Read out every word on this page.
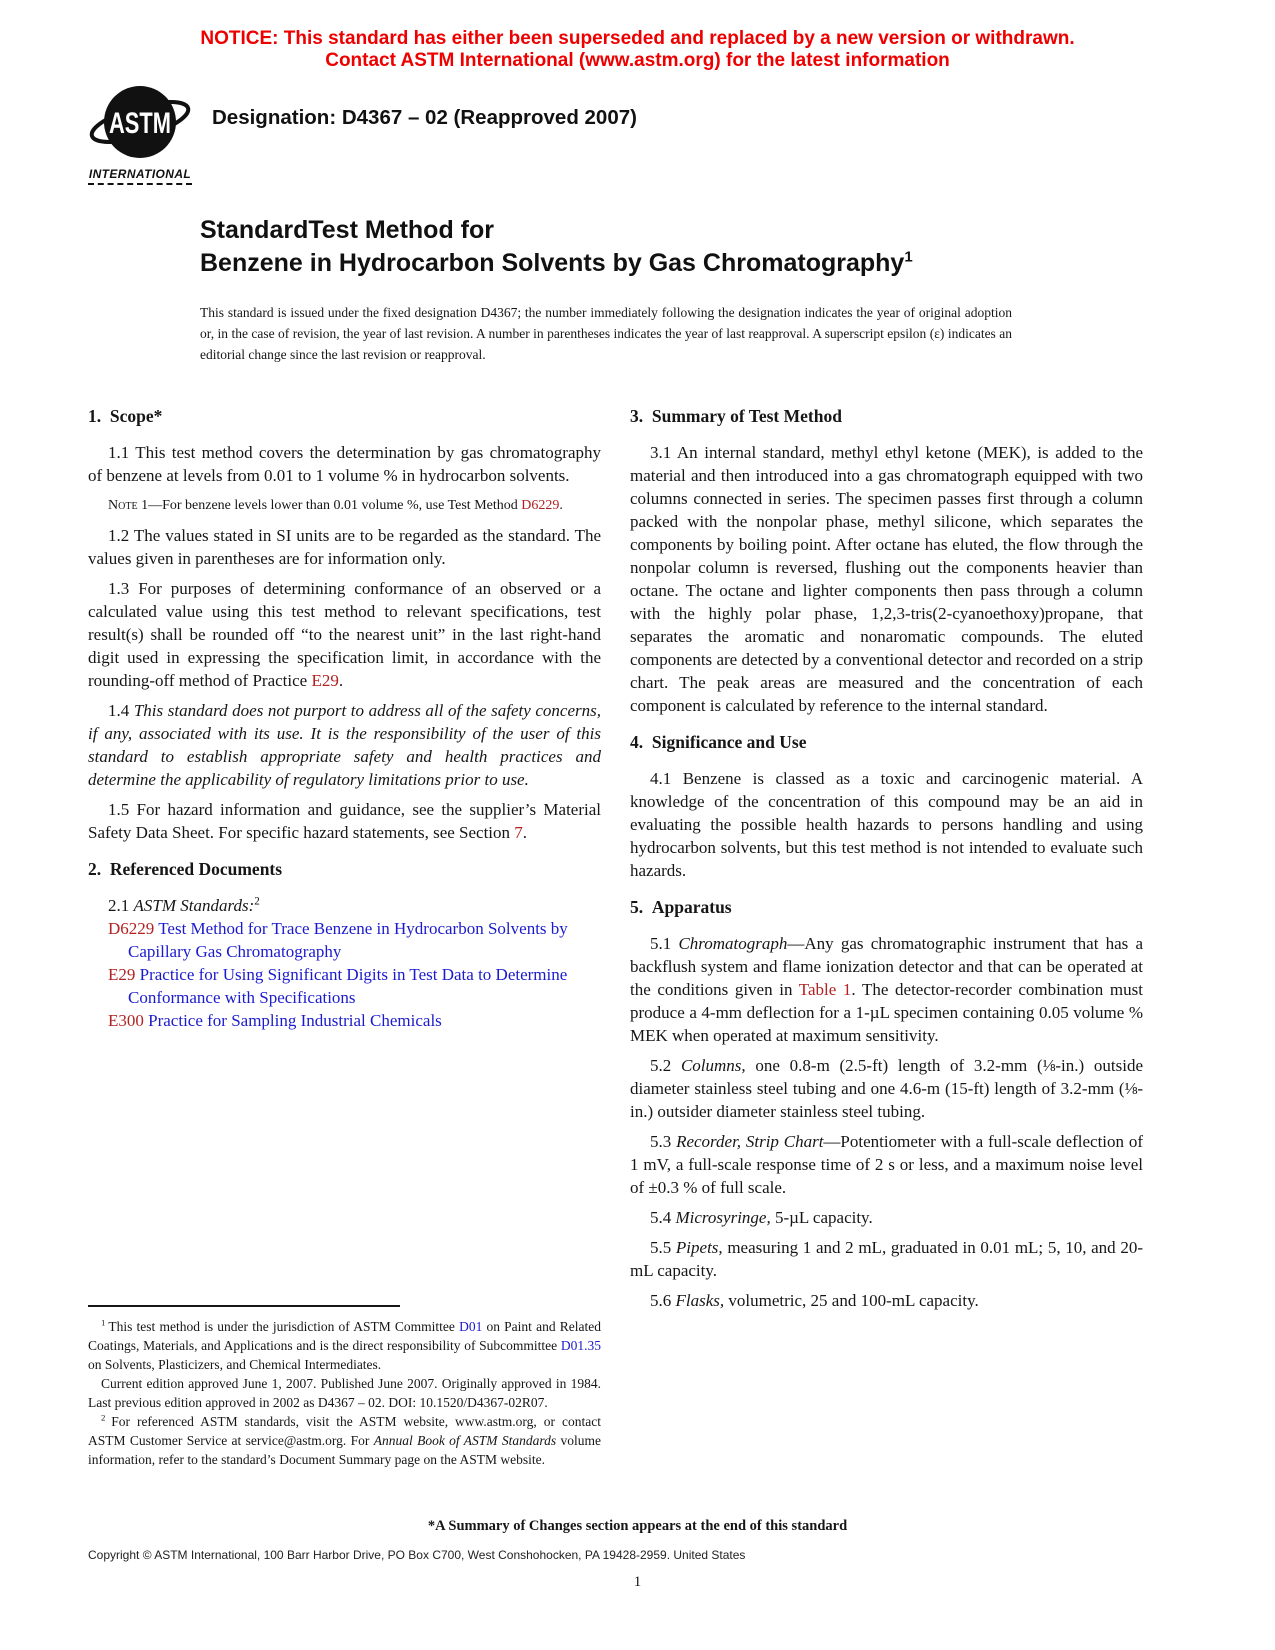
NOTICE: This standard has either been superseded and replaced by a new version or withdrawn.
Contact ASTM International (www.astm.org) for the latest information
ASTM
INTERNATIONAL
Designation: D4367 – 02 (Reapproved 2007)
StandardTest Method for
Benzene in Hydrocarbon Solvents by Gas Chromatography$^1$
This standard is issued under the fixed designation D4367; the number immediately following the designation indicates the year of original adoption or, in the case of revision, the year of last revision. A number in parentheses indicates the year of last reapproval. A superscript epsilon (ε) indicates an editorial change since the last revision or reapproval.
1. Scope*

1.1 This test method covers the determination by gas chromatography of benzene at levels from 0.01 to 1 volume % in hydrocarbon solvents.

Note 1—For benzene levels lower than 0.01 volume %, use Test Method D6229.

1.2 The values stated in SI units are to be regarded as the standard. The values given in parentheses are for information only.

1.3 For purposes of determining conformance of an observed or a calculated value using this test method to relevant specifications, test result(s) shall be rounded off “to the nearest unit” in the last right-hand digit used in expressing the specification limit, in accordance with the rounding-off method of Practice E29.

1.4 This standard does not purport to address all of the safety concerns, if any, associated with its use. It is the responsibility of the user of this standard to establish appropriate safety and health practices and determine the applicability of regulatory limitations prior to use.

1.5 For hazard information and guidance, see the supplier’s Material Safety Data Sheet. For specific hazard statements, see Section 7.

2. Referenced Documents

2.1 ASTM Standards:$^2$

D6229 Test Method for Trace Benzene in Hydrocarbon Solvents by Capillary Gas Chromatography

E29 Practice for Using Significant Digits in Test Data to Determine Conformance with Specifications

E300 Practice for Sampling Industrial Chemicals

$^1$ This test method is under the jurisdiction of ASTM Committee D01 on Paint and Related Coatings, Materials, and Applications and is the direct responsibility of Subcommittee D01.35 on Solvents, Plasticizers, and Chemical Intermediates.

Current edition approved June 1, 2007. Published June 2007. Originally approved in 1984. Last previous edition approved in 2002 as D4367 – 02. DOI: 10.1520/D4367-02R07.

$^2$ For referenced ASTM standards, visit the ASTM website, www.astm.org, or contact ASTM Customer Service at service@astm.org. For Annual Book of ASTM Standards volume information, refer to the standard’s Document Summary page on the ASTM website.

3. Summary of Test Method

3.1 An internal standard, methyl ethyl ketone (MEK), is added to the material and then introduced into a gas chromatograph equipped with two columns connected in series. The specimen passes first through a column packed with the nonpolar phase, methyl silicone, which separates the components by boiling point. After octane has eluted, the flow through the nonpolar column is reversed, flushing out the components heavier than octane. The octane and lighter components then pass through a column with the highly polar phase, 1,2,3-tris(2-cyanoethoxy)propane, that separates the aromatic and nonaromatic compounds. The eluted components are detected by a conventional detector and recorded on a strip chart. The peak areas are measured and the concentration of each component is calculated by reference to the internal standard.

4. Significance and Use

4.1 Benzene is classed as a toxic and carcinogenic material. A knowledge of the concentration of this compound may be an aid in evaluating the possible health hazards to persons handling and using hydrocarbon solvents, but this test method is not intended to evaluate such hazards.

5. Apparatus

5.1 Chromatograph—Any gas chromatographic instrument that has a backflush system and flame ionization detector and that can be operated at the conditions given in Table 1. The detector-recorder combination must produce a 4-mm deflection for a 1-µL specimen containing 0.05 volume % MEK when operated at maximum sensitivity.

5.2 Columns, one 0.8-m (2.5-ft) length of 3.2-mm (⅛-in.) outside diameter stainless steel tubing and one 4.6-m (15-ft) length of 3.2-mm (⅛-in.) outsider diameter stainless steel tubing.

5.3 Recorder, Strip Chart—Potentiometer with a full-scale deflection of 1 mV, a full-scale response time of 2 s or less, and a maximum noise level of ±0.3 % of full scale.

5.4 Microsyringe, 5-µL capacity.

5.5 Pipets, measuring 1 and 2 mL, graduated in 0.01 mL; 5, 10, and 20-mL capacity.

5.6 Flasks, volumetric, 25 and 100-mL capacity.

*A Summary of Changes section appears at the end of this standard
Copyright © ASTM International, 100 Barr Harbor Drive, PO Box C700, West Conshohocken, PA 19428-2959. United States
1
